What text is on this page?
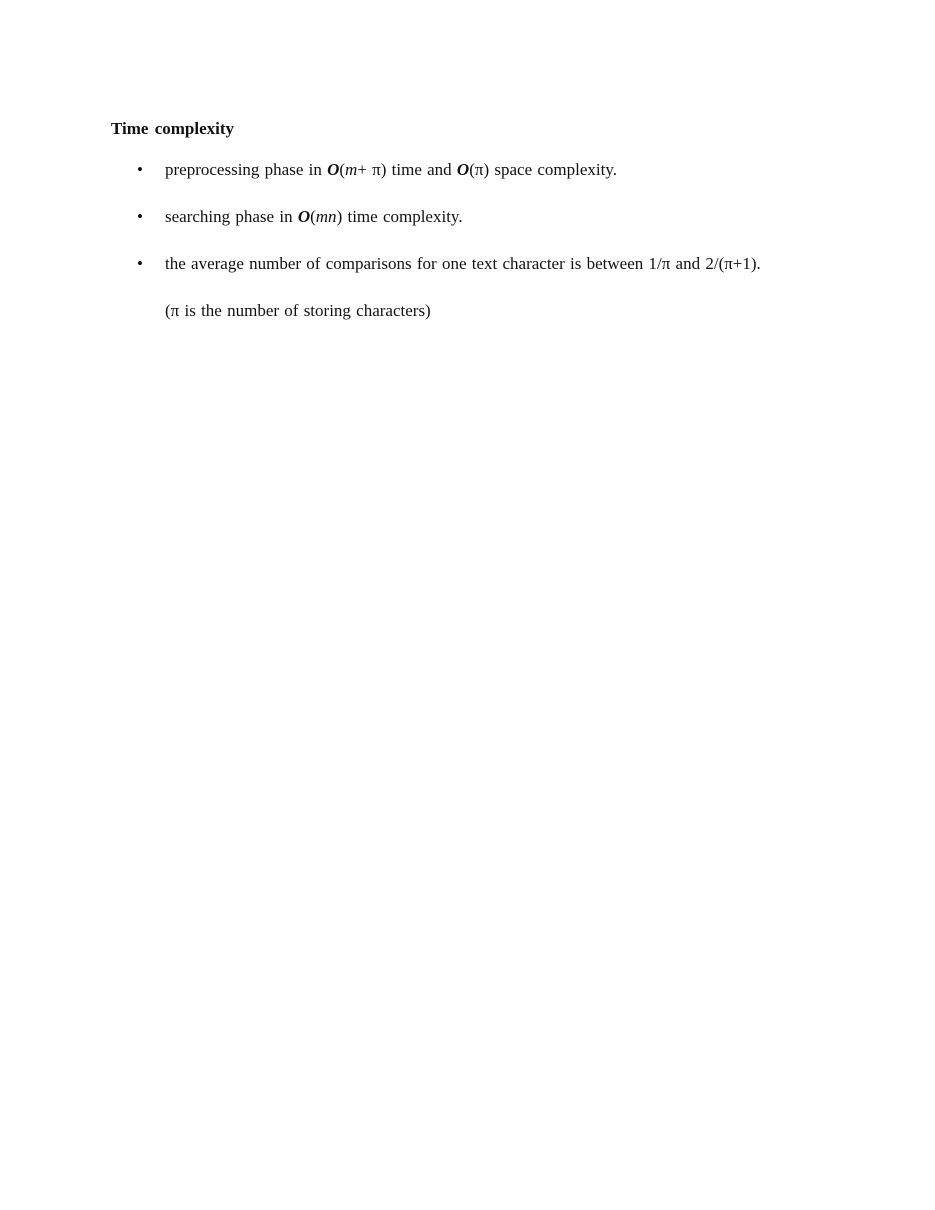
Time complexity
• preprocessing phase in O(m+ π) time and O(π) space complexity.
• searching phase in O(mn) time complexity.
• the average number of comparisons for one text character is between 1/π and 2/(π+1).
(π is the number of storing characters)
